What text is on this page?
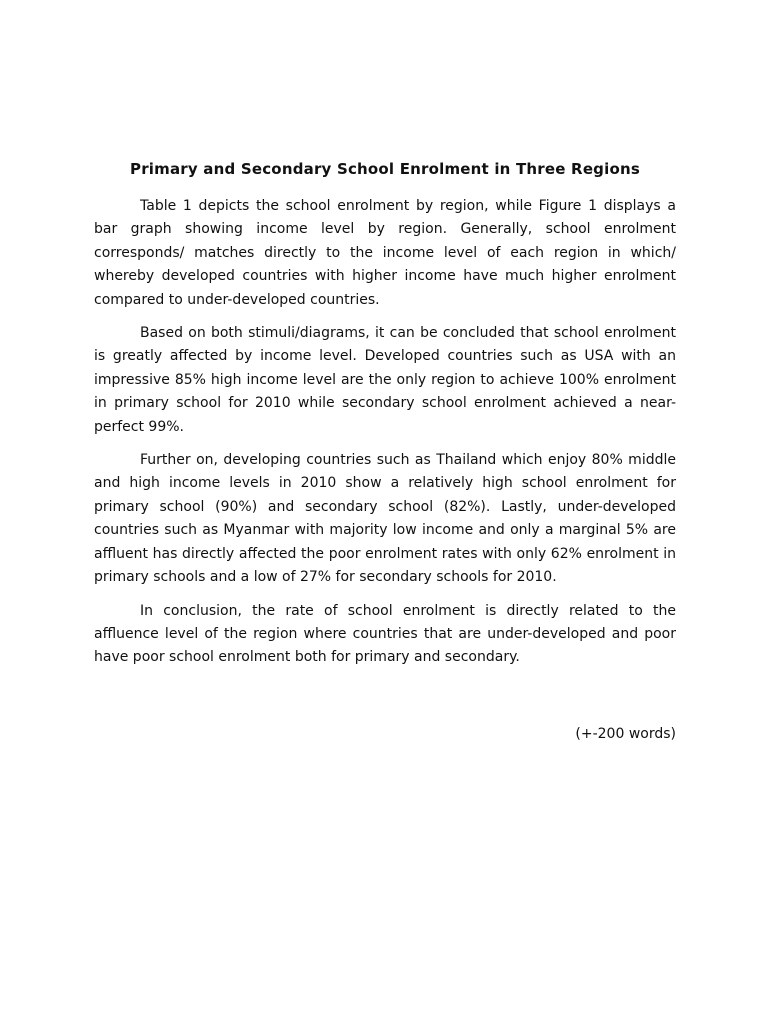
Primary and Secondary School Enrolment in Three Regions

Table 1 depicts the school enrolment by region, while Figure 1 displays a bar graph showing income level by region. Generally, school enrolment corresponds/ matches directly to the income level of each region in which/ whereby developed countries with higher income have much higher enrolment compared to under-developed countries.

Based on both stimuli/diagrams, it can be concluded that school enrolment is greatly affected by income level. Developed countries such as USA with an impressive 85% high income level are the only region to achieve 100% enrolment in primary school for 2010 while secondary school enrolment achieved a near-perfect 99%.

Further on, developing countries such as Thailand which enjoy 80% middle and high income levels in 2010 show a relatively high school enrolment for primary school (90%) and secondary school (82%). Lastly, under-developed countries such as Myanmar with majority low income and only a marginal 5% are affluent has directly affected the poor enrolment rates with only 62% enrolment in primary schools and a low of 27% for secondary schools for 2010.

In conclusion, the rate of school enrolment is directly related to the affluence level of the region where countries that are under-developed and poor have poor school enrolment both for primary and secondary.

(+-200 words)
